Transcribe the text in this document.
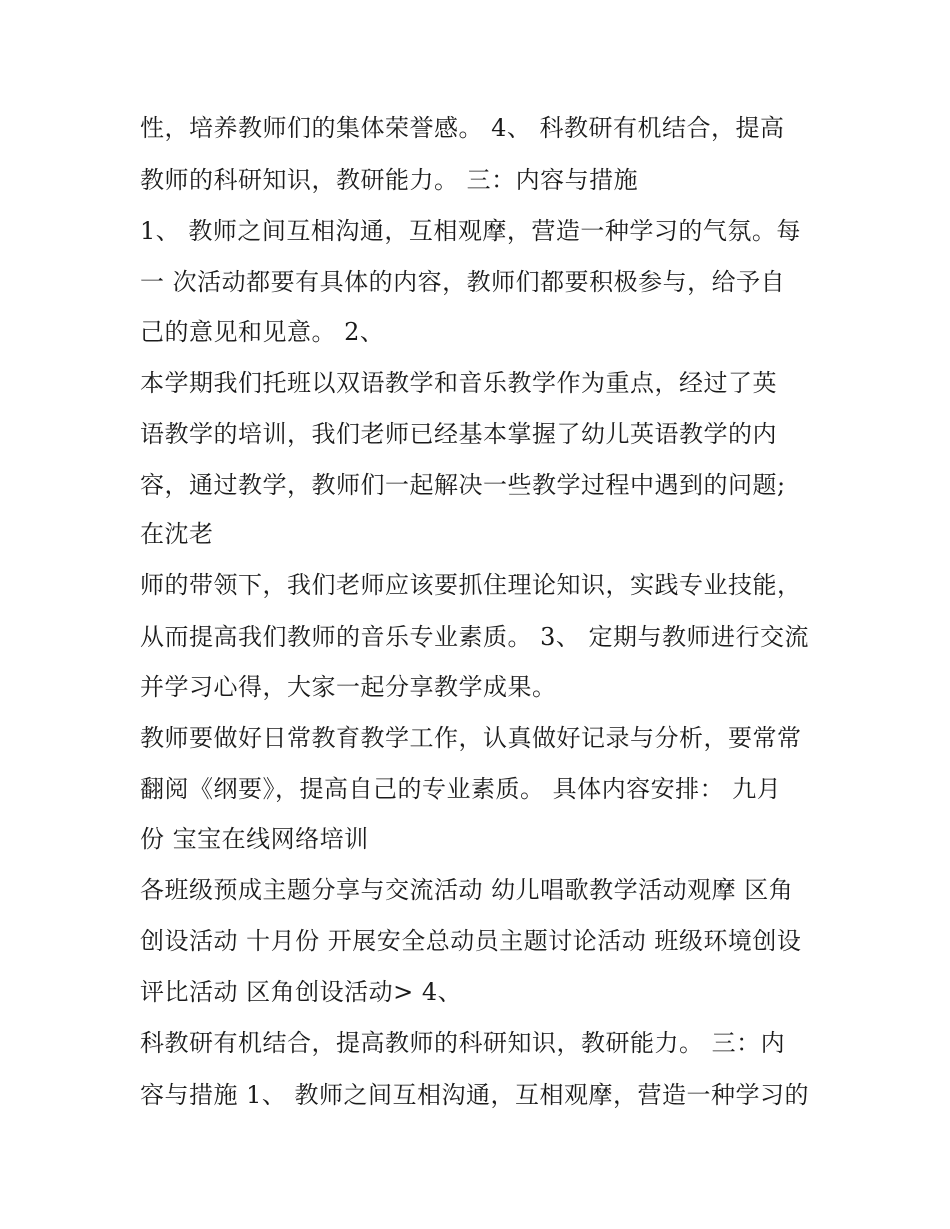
性，培养教师们的集体荣誉感。 4、 科教研有机结合，提高
教师的科研知识，教研能力。 三：内容与措施
1、 教师之间互相沟通，互相观摩，营造一种学习的气氛。每
一 次活动都要有具体的内容，教师们都要积极参与，给予自
己的意见和见意。 2、
本学期我们托班以双语教学和音乐教学作为重点，经过了英
语教学的培训，我们老师已经基本掌握了幼儿英语教学的内
容，通过教学，教师们一起解决一些教学过程中遇到的问题;
在沈老
师的带领下，我们老师应该要抓住理论知识，实践专业技能，
从而提高我们教师的音乐专业素质。 3、 定期与教师进行交流
并学习心得，大家一起分享教学成果。
教师要做好日常教育教学工作，认真做好记录与分析，要常常
翻阅《纲要》，提高自己的专业素质。 具体内容安排： 九月
份 宝宝在线网络培训
各班级预成主题分享与交流活动 幼儿唱歌教学活动观摩 区角
创设活动 十月份 开展安全总动员主题讨论活动 班级环境创设
评比活动 区角创设活动> 4、
科教研有机结合，提高教师的科研知识，教研能力。 三：内
容与措施 1、 教师之间互相沟通，互相观摩，营造一种学习的
